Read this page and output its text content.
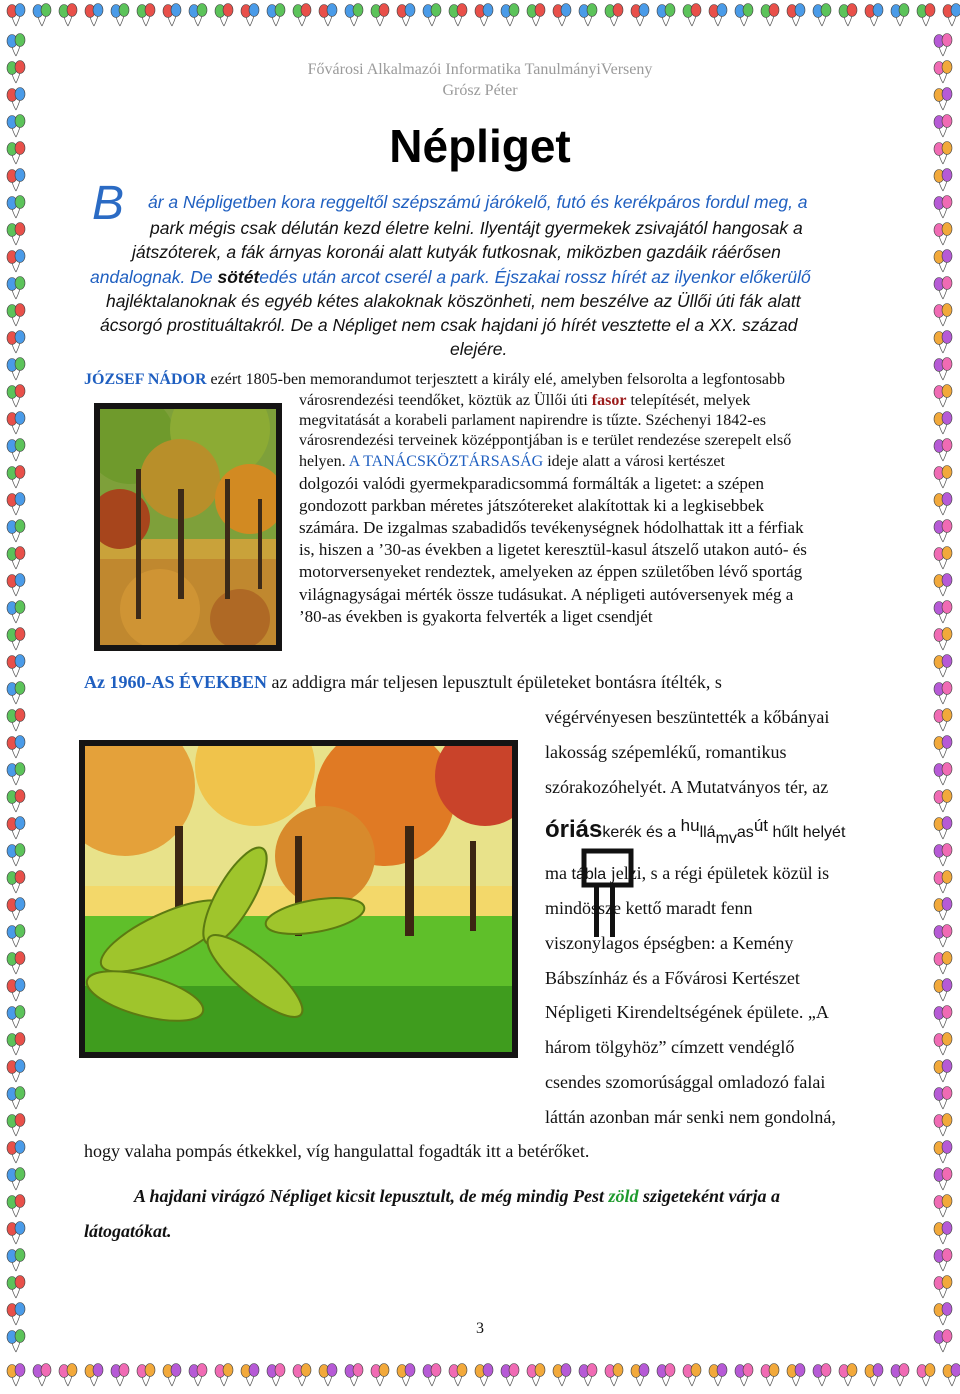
Fővárosi Alkalmazói Informatika TanulmányiVerseny
Grósz Péter
Népliget
B ár a Népligetben kora reggeltől szépszámú járókelő, futó és kerékpáros fordul meg, a
park mégis csak délután kezd életre kelni. Ilyentájt gyermekek zsivajától hangosak a
játszóterek, a fák árnyas koronái alatt kutyák futkosnak, miközben gazdáik ráérősen
andalognak. De sötétedés után arcot cserél a park. Éjszakai rossz hírét az ilyenkor előkerülő
hajléktalanoknak és egyéb kétes alakoknak köszönheti, nem beszélve az Üllői úti fák alatt
ácsorgó prostituáltakról. De a Népliget nem csak hajdani jó hírét vesztette el a XX. század
elejére.
JÓZSEF NÁDOR ezért 1805-ben memorandumot terjesztett a király elé, amelyben felsorolta a legfontosabb
városrendezési teendőket, köztük az Üllői úti fasor telepítését, melyek
megvitatását a korabeli parlament napirendre is tűzte. Széchenyi 1842-es
városrendezési terveinek középpontjában is e terület rendezése szerepelt első
helyen. A TANÁCSKÖZTÁRSASÁG ideje alatt a városi kertészet
dolgozói valódi gyermekparadicsommá formálták a ligetet: a szépen
gondozott parkban méretes játszótereket alakítottak ki a legkisebbek
számára. De izgalmas szabadidős tevékenységnek hódolhattak itt a férfiak
is, hiszen a ’30-as években a ligetet keresztül-kasul átszelő utakon autó- és
motorversenyeket rendeztek, amelyeken az éppen születőben lévő sportág
világnagyságai mérték össze tudásukat. A népligeti autóversenyek még a
’80-as években is gyakorta felverték a liget csendjét
Az 1960-AS ÉVEKBEN az addigra már teljesen lepusztult épületeket bontásra ítélték, s
végérvényesen beszüntették a kőbányai
lakosság szépemlékű, romantikus
szórakozóhelyét. A Mutatványos tér, az
óriáskerék és a hullámvasút hűlt helyét
ma tábla jelzi, s a régi épületek közül is
mindössze kettő maradt fenn
viszonylagos épségben: a Kemény
Bábszínház és a Fővárosi Kertészet
Népligeti Kirendeltségének épülete. „A
három tölgyhöz” címzett vendéglő
csendes szomorúsággal omladozó falai
láttán azonban már senki nem gondolná,
hogy valaha pompás étkekkel, víg hangulattal fogadták itt a betérőket.
A hajdani virágzó Népliget kicsit lepusztult, de még mindig Pest zöld szigeteként várja a
látogatókat.
3
